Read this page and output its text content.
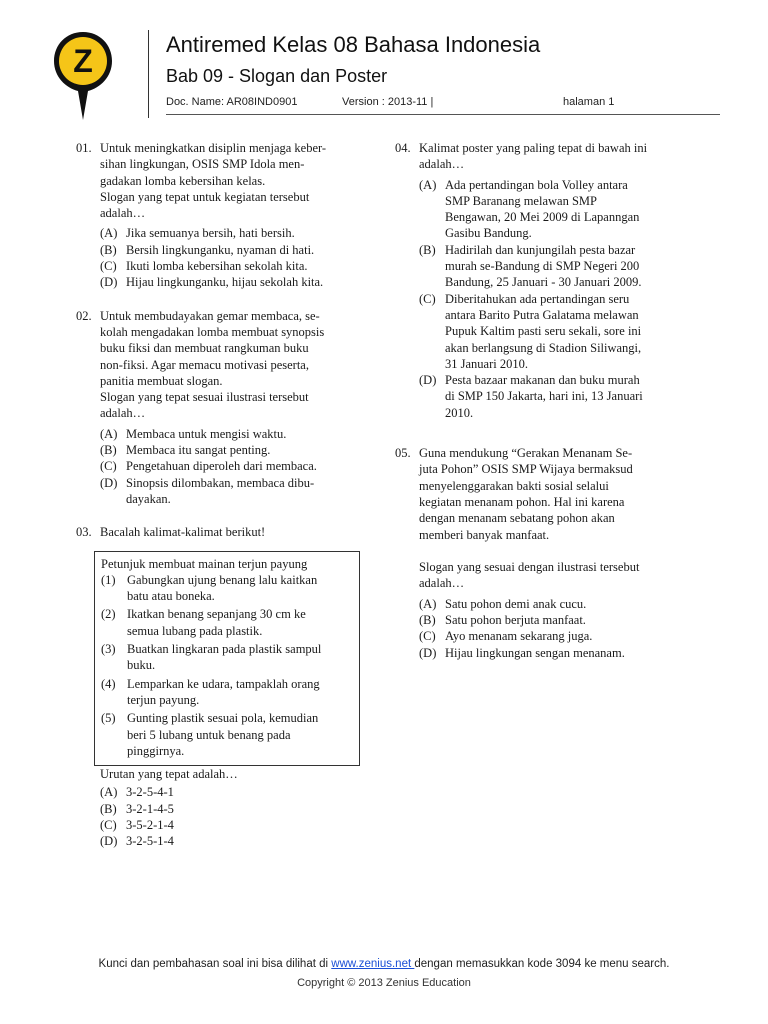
Z	Antiremed Kelas 08 Bahasa Indonesia
Bab 09 - Slogan dan Poster
Doc. Name: AR08IND0901	Version : 2013-11 |	halaman 1
01. Untuk meningkatkan disiplin menjaga keber-
sihan lingkungan, OSIS SMP Idola men-
gadakan lomba kebersihan kelas.
Slogan yang tepat untuk kegiatan tersebut
adalah…
(A) Jika semuanya bersih, hati bersih.
(B) Bersih lingkunganku, nyaman di hati.
(C) Ikuti lomba kebersihan sekolah kita.
(D) Hijau lingkunganku, hijau sekolah kita.
02. Untuk membudayakan gemar membaca, se-
kolah mengadakan lomba membuat synopsis
buku fiksi dan membuat rangkuman buku
non-fiksi. Agar memacu motivasi peserta,
panitia membuat slogan.
Slogan yang tepat sesuai ilustrasi tersebut
adalah…
(A) Membaca untuk mengisi waktu.
(B) Membaca itu sangat penting.
(C) Pengetahuan diperoleh dari membaca.
(D) Sinopsis dilombakan, membaca dibu-
dayakan.
03. Bacalah kalimat-kalimat berikut!
Petunjuk membuat mainan terjun payung
(1) Gabungkan ujung benang lalu kaitkan
batu atau boneka.
(2) Ikatkan benang sepanjang 30 cm ke
semua lubang pada plastik.
(3) Buatkan lingkaran pada plastik sampul
buku.
(4) Lemparkan ke udara, tampaklah orang
terjun payung.
(5) Gunting plastik sesuai pola, kemudian
beri 5 lubang untuk benang pada
pinggirnya.
Urutan yang tepat adalah…
(A) 3-2-5-4-1
(B) 3-2-1-4-5
(C) 3-5-2-1-4
(D) 3-2-5-1-4
04. Kalimat poster yang paling tepat di bawah ini
adalah…
(A) Ada pertandingan bola Volley antara
SMP Baranang melawan SMP
Bengawan, 20 Mei 2009 di Lapanngan
Gasibu Bandung.
(B) Hadirilah dan kunjungilah pesta bazar
murah se-Bandung di SMP Negeri 200
Bandung, 25 Januari - 30 Januari 2009.
(C) Diberitahukan ada pertandingan seru
antara Barito Putra Galatama melawan
Pupuk Kaltim pasti seru sekali, sore ini
akan berlangsung di Stadion Siliwangi,
31 Januari 2010.
(D) Pesta bazaar makanan dan buku murah
di SMP 150 Jakarta, hari ini, 13 Januari
2010.
05. Guna mendukung “Gerakan Menanam Se-
juta Pohon” OSIS SMP Wijaya bermaksud
menyelenggarakan bakti sosial selalui
kegiatan menanam pohon. Hal ini karena
dengan menanam sebatang pohon akan
memberi banyak manfaat.

Slogan yang sesuai dengan ilustrasi tersebut
adalah…
(A) Satu pohon demi anak cucu.
(B) Satu pohon berjuta manfaat.
(C) Ayo menanam sekarang juga.
(D) Hijau lingkungan sengan menanam.
Kunci dan pembahasan soal ini bisa dilihat di www.zenius.net dengan memasukkan kode 3094 ke menu search.
Copyright © 2013 Zenius Education
